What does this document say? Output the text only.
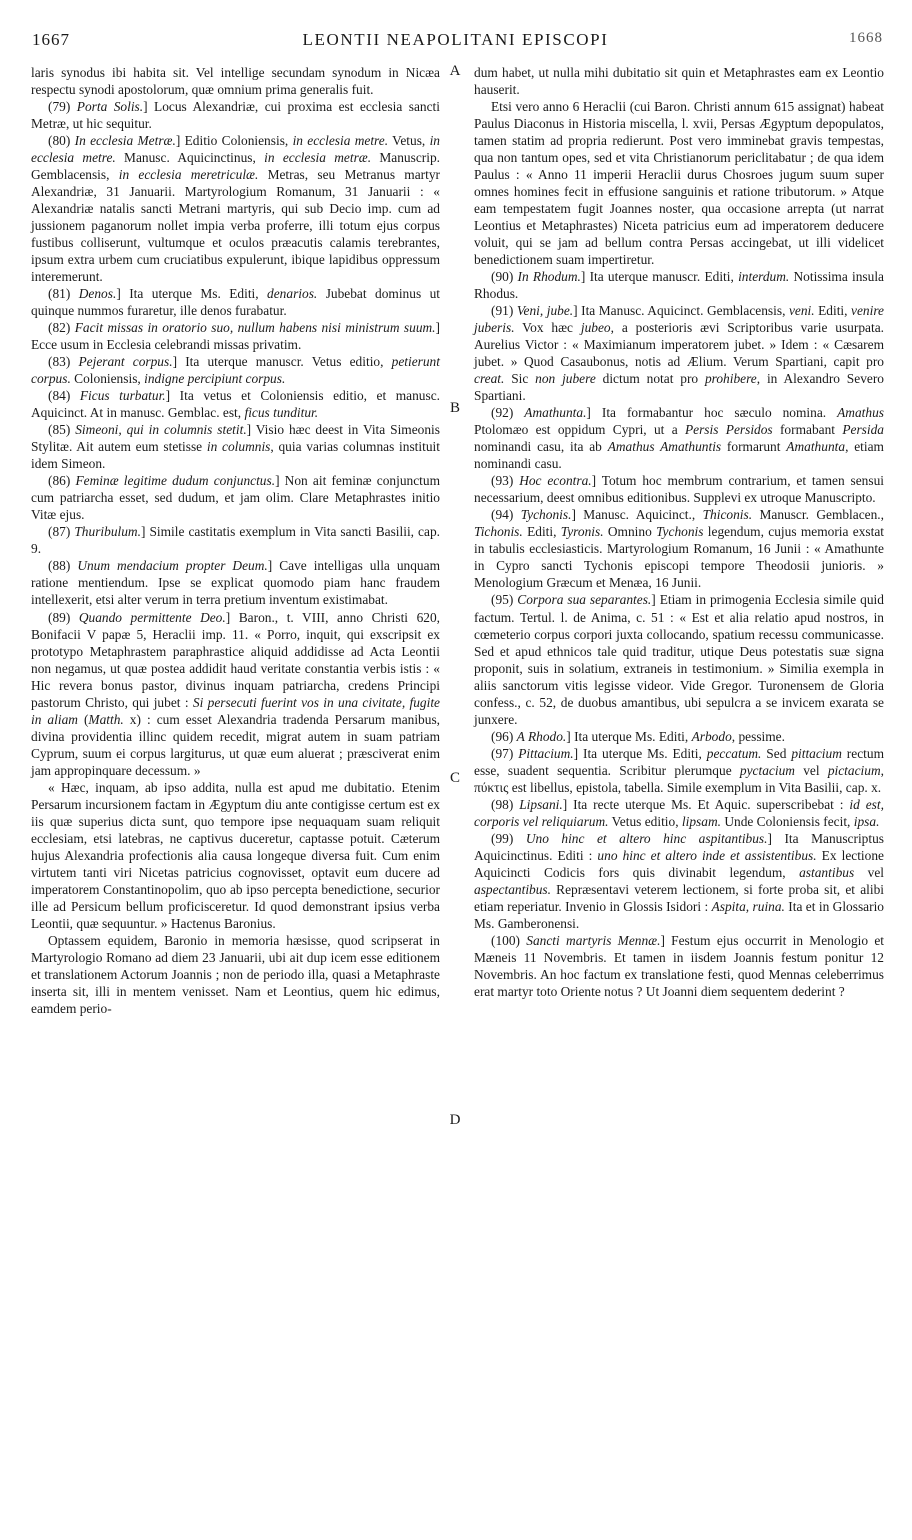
1667	LEONTII NEAPOLITANI EPISCOPI	1668
A
B
C
D

laris synodus ibi habita sit. Vel intellige secundam synodum in Nicæa respectu synodi apostolorum, quæ omnium prima generalis fuit.

(79) Porta Solis.] Locus Alexandriæ, cui proxima est ecclesia sancti Metræ, ut hic sequitur.

(80) In ecclesia Metræ.] Editio Coloniensis, in ecclesia metre. Vetus, in ecclesia metre. Manusc. Aquicinctinus, in ecclesia metræ. Manuscrip. Gemblacensis, in ecclesia meretriculæ. Metras, seu Metranus martyr Alexandriæ, 31 Januarii. Martyrologium Romanum, 31 Januarii : « Alexandriæ natalis sancti Metrani martyris, qui sub Decio imp. cum ad jussionem paganorum nollet impia verba proferre, illi totum ejus corpus fustibus colliserunt, vultumque et oculos præacutis calamis terebrantes, ipsum extra urbem cum cruciatibus expulerunt, ibique lapidibus oppressum interemerunt.

(81) Denos.] Ita uterque Ms. Editi, denarios. Jubebat dominus ut quinque nummos furaretur, ille denos furabatur.

(82) Facit missas in oratorio suo, nullum habens nisi ministrum suum.] Ecce usum in Ecclesia celebrandi missas privatim.

(83) Pejerant corpus.] Ita uterque manuscr. Vetus editio, petierunt corpus. Coloniensis, indigne percipiunt corpus.

(84) Ficus turbatur.] Ita vetus et Coloniensis editio, et manusc. Aquicinct. At in manusc. Gemblac. est, ficus tunditur.

(85) Simeoni, qui in columnis stetit.] Visio hæc deest in Vita Simeonis Stylitæ. Ait autem eum stetisse in columnis, quia varias columnas instituit idem Simeon.

(86) Feminæ legitime dudum conjunctus.] Non ait feminæ conjunctum cum patriarcha esset, sed dudum, et jam olim. Clare Metaphrastes initio Vitæ ejus.

(87) Thuribulum.] Simile castitatis exemplum in Vita sancti Basilii, cap. 9.

(88) Unum mendacium propter Deum.] Cave intelligas ulla unquam ratione mentiendum. Ipse se explicat quomodo piam hanc fraudem intellexerit, etsi alter verum in terra pretium inventum existimabat.

(89) Quando permittente Deo.] Baron., t. VIII, anno Christi 620, Bonifacii V papæ 5, Heraclii imp. 11. « Porro, inquit, qui exscripsit ex prototypo Metaphrastem paraphrastice aliquid addidisse ad Acta Leontii non negamus, ut quæ postea addidit haud veritate constantia verbis istis : « Hic revera bonus pastor, divinus inquam patriarcha, credens Principi pastorum Christo, qui jubet : Si persecuti fuerint vos in una civitate, fugite in aliam (Matth. x) : cum esset Alexandria tradenda Persarum manibus, divina providentia illinc quidem recedit, migrat autem in suam patriam Cyprum, suum ei corpus largiturus, ut quæ eum aluerat ; præsciverat enim jam appropinquare decessum. »

« Hæc, inquam, ab ipso addita, nulla est apud me dubitatio. Etenim Persarum incursionem factam in Ægyptum diu ante contigisse certum est ex iis quæ superius dicta sunt, quo tempore ipse nequaquam suam reliquit ecclesiam, etsi latebras, ne captivus duceretur, captasse potuit. Cæterum hujus Alexandria profectionis alia causa longeque diversa fuit. Cum enim virtutem tanti viri Nicetas patricius cognovisset, optavit eum ducere ad imperatorem Constantinopolim, quo ab ipso percepta benedictione, securior ille ad Persicum bellum proficisceretur. Id quod demonstrant ipsius verba Leontii, quæ sequuntur. » Hactenus Baronius.

Optassem equidem, Baronio in memoria hæsisse, quod scripserat in Martyrologio Romano ad diem 23 Januarii, ubi ait dup icem esse editionem et translationem Actorum Joannis ; non de periodo illa, quasi a Metaphraste inserta sit, illi in mentem venisset. Nam et Leontius, quem hic edimus, eamdem perio-

dum habet, ut nulla mihi dubitatio sit quin et Metaphrastes eam ex Leontio hauserit.

Etsi vero anno 6 Heraclii (cui Baron. Christi annum 615 assignat) habeat Paulus Diaconus in Historia miscella, l. xvii, Persas Ægyptum depopulatos, tamen statim ad propria redierunt. Post vero imminebat gravis tempestas, qua non tantum opes, sed et vita Christianorum periclitabatur ; de qua idem Paulus : « Anno 11 imperii Heraclii durus Chosroes jugum suum super omnes homines fecit in effusione sanguinis et ratione tributorum. » Atque eam tempestatem fugit Joannes noster, qua occasione arrepta (ut narrat Leontius et Metaphrastes) Niceta patricius eum ad imperatorem deducere voluit, qui se jam ad bellum contra Persas accingebat, ut illi videlicet benedictionem suam impertiretur.

(90) In Rhodum.] Ita uterque manuscr. Editi, interdum. Notissima insula Rhodus.

(91) Veni, jube.] Ita Manusc. Aquicinct. Gemblacensis, veni. Editi, venire juberis. Vox hæc jubeo, a posterioris ævi Scriptoribus varie usurpata. Aurelius Victor : « Maximianum imperatorem jubet. » Idem : « Cæsarem jubet. » Quod Casaubonus, notis ad Ælium. Verum Spartiani, capit pro creat. Sic non jubere dictum notat pro prohibere, in Alexandro Severo Spartiani.

(92) Amathunta.] Ita formabantur hoc sæculo nomina. Amathus Ptolomæo est oppidum Cypri, ut a Persis Persidos formabant Persida nominandi casu, ita ab Amathus Amathuntis formarunt Amathunta, etiam nominandi casu.

(93) Hoc econtra.] Totum hoc membrum contrarium, et tamen sensui necessarium, deest omnibus editionibus. Supplevi ex utroque Manuscripto.

(94) Tychonis.] Manusc. Aquicinct., Thiconis. Manuscr. Gemblacen., Tichonis. Editi, Tyronis. Omnino Tychonis legendum, cujus memoria exstat in tabulis ecclesiasticis. Martyrologium Romanum, 16 Junii : « Amathunte in Cypro sancti Tychonis episcopi tempore Theodosii junioris. » Menologium Græcum et Menæa, 16 Junii.

(95) Corpora sua separantes.] Etiam in primogenia Ecclesia simile quid factum. Tertul. l. de Anima, c. 51 : « Est et alia relatio apud nostros, in cœmeterio corpus corpori juxta collocando, spatium recessu communicasse. Sed et apud ethnicos tale quid traditur, utique Deus potestatis suæ signa proponit, suis in solatium, extraneis in testimonium. » Similia exempla in aliis sanctorum vitis legisse videor. Vide Gregor. Turonensem de Gloria confess., c. 52, de duobus amantibus, ubi sepulcra a se invicem exarata se junxere.

(96) A Rhodo.] Ita uterque Ms. Editi, Arbodo, pessime.

(97) Pittacium.] Ita uterque Ms. Editi, peccatum. Sed pittacium rectum esse, suadent sequentia. Scribitur plerumque pyctacium vel pictacium, πύκτις est libellus, epistola, tabella. Simile exemplum in Vita Basilii, cap. x.

(98) Lipsani.] Ita recte uterque Ms. Et Aquic. superscribebat : id est, corporis vel reliquiarum. Vetus editio, lipsam. Unde Coloniensis fecit, ipsa.

(99) Uno hinc et altero hinc aspitantibus.] Ita Manuscriptus Aquicinctinus. Editi : uno hinc et altero inde et assistentibus. Ex lectione Aquicincti Codicis fors quis divinabit legendum, astantibus vel aspectantibus. Repræsentavi veterem lectionem, si forte proba sit, et alibi etiam reperiatur. Invenio in Glossis Isidori : Aspita, ruina. Ita et in Glossario Ms. Gamberonensi.

(100) Sancti martyris Mennæ.] Festum ejus occurrit in Menologio et Mæneis 11 Novembris. Et tamen in iisdem Joannis festum ponitur 12 Novembris. An hoc factum ex translatione festi, quod Mennas celeberrimus erat martyr toto Oriente notus ? Ut Joanni diem sequentem dederint ?
